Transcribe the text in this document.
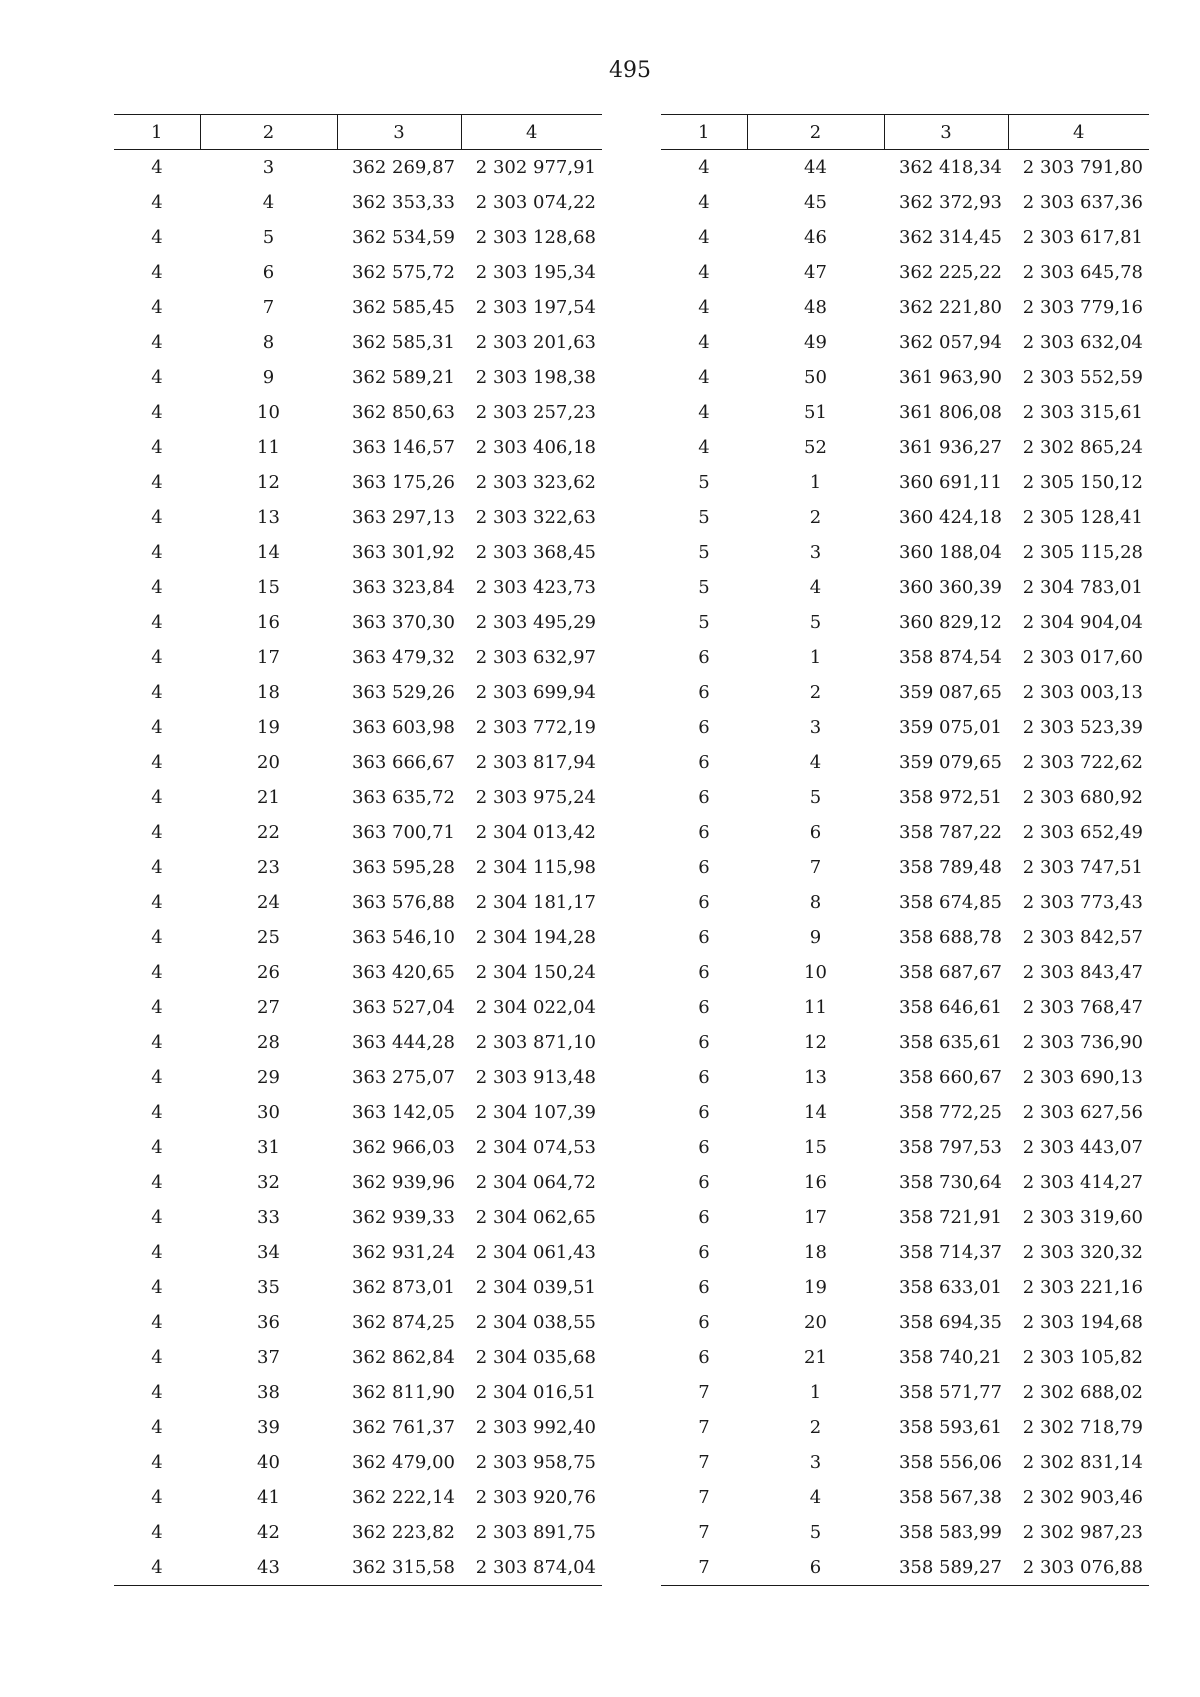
495
1	2	3	4
4	3	362 269,87	2 302 977,91
4	4	362 353,33	2 303 074,22
4	5	362 534,59	2 303 128,68
4	6	362 575,72	2 303 195,34
4	7	362 585,45	2 303 197,54
4	8	362 585,31	2 303 201,63
4	9	362 589,21	2 303 198,38
4	10	362 850,63	2 303 257,23
4	11	363 146,57	2 303 406,18
4	12	363 175,26	2 303 323,62
4	13	363 297,13	2 303 322,63
4	14	363 301,92	2 303 368,45
4	15	363 323,84	2 303 423,73
4	16	363 370,30	2 303 495,29
4	17	363 479,32	2 303 632,97
4	18	363 529,26	2 303 699,94
4	19	363 603,98	2 303 772,19
4	20	363 666,67	2 303 817,94
4	21	363 635,72	2 303 975,24
4	22	363 700,71	2 304 013,42
4	23	363 595,28	2 304 115,98
4	24	363 576,88	2 304 181,17
4	25	363 546,10	2 304 194,28
4	26	363 420,65	2 304 150,24
4	27	363 527,04	2 304 022,04
4	28	363 444,28	2 303 871,10
4	29	363 275,07	2 303 913,48
4	30	363 142,05	2 304 107,39
4	31	362 966,03	2 304 074,53
4	32	362 939,96	2 304 064,72
4	33	362 939,33	2 304 062,65
4	34	362 931,24	2 304 061,43
4	35	362 873,01	2 304 039,51
4	36	362 874,25	2 304 038,55
4	37	362 862,84	2 304 035,68
4	38	362 811,90	2 304 016,51
4	39	362 761,37	2 303 992,40
4	40	362 479,00	2 303 958,75
4	41	362 222,14	2 303 920,76
4	42	362 223,82	2 303 891,75
4	43	362 315,58	2 303 874,04
1	2	3	4
4	44	362 418,34	2 303 791,80
4	45	362 372,93	2 303 637,36
4	46	362 314,45	2 303 617,81
4	47	362 225,22	2 303 645,78
4	48	362 221,80	2 303 779,16
4	49	362 057,94	2 303 632,04
4	50	361 963,90	2 303 552,59
4	51	361 806,08	2 303 315,61
4	52	361 936,27	2 302 865,24
5	1	360 691,11	2 305 150,12
5	2	360 424,18	2 305 128,41
5	3	360 188,04	2 305 115,28
5	4	360 360,39	2 304 783,01
5	5	360 829,12	2 304 904,04
6	1	358 874,54	2 303 017,60
6	2	359 087,65	2 303 003,13
6	3	359 075,01	2 303 523,39
6	4	359 079,65	2 303 722,62
6	5	358 972,51	2 303 680,92
6	6	358 787,22	2 303 652,49
6	7	358 789,48	2 303 747,51
6	8	358 674,85	2 303 773,43
6	9	358 688,78	2 303 842,57
6	10	358 687,67	2 303 843,47
6	11	358 646,61	2 303 768,47
6	12	358 635,61	2 303 736,90
6	13	358 660,67	2 303 690,13
6	14	358 772,25	2 303 627,56
6	15	358 797,53	2 303 443,07
6	16	358 730,64	2 303 414,27
6	17	358 721,91	2 303 319,60
6	18	358 714,37	2 303 320,32
6	19	358 633,01	2 303 221,16
6	20	358 694,35	2 303 194,68
6	21	358 740,21	2 303 105,82
7	1	358 571,77	2 302 688,02
7	2	358 593,61	2 302 718,79
7	3	358 556,06	2 302 831,14
7	4	358 567,38	2 302 903,46
7	5	358 583,99	2 302 987,23
7	6	358 589,27	2 303 076,88
